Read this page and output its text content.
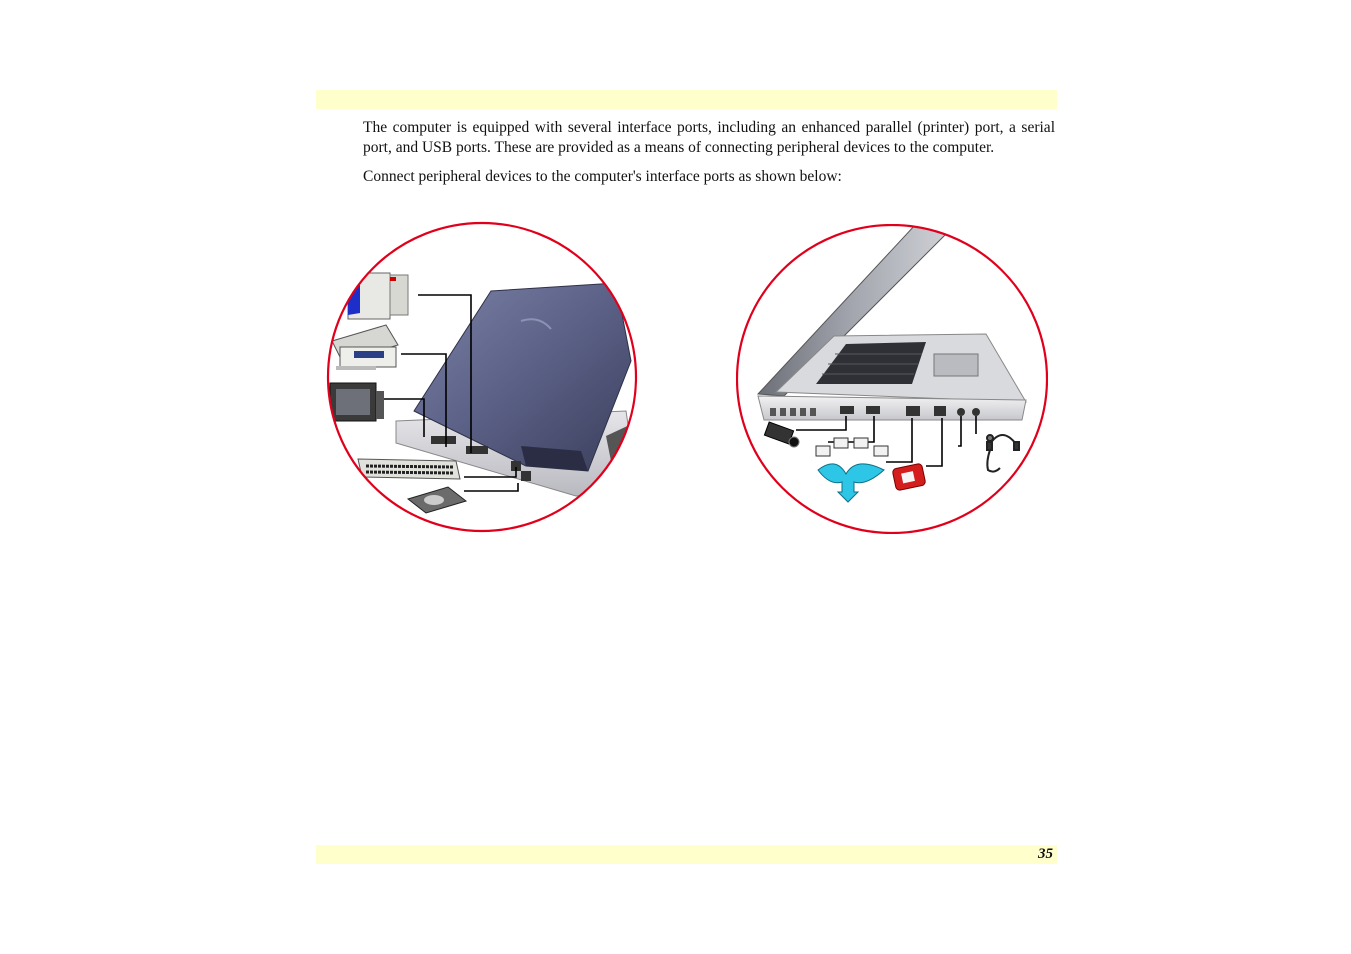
The computer is equipped with several interface ports, including an enhanced parallel (printer) port, a serial port, and USB ports. These are provided as a means of connecting peripheral devices to the computer.

Connect peripheral devices to the computer's interface ports as shown below:

35
